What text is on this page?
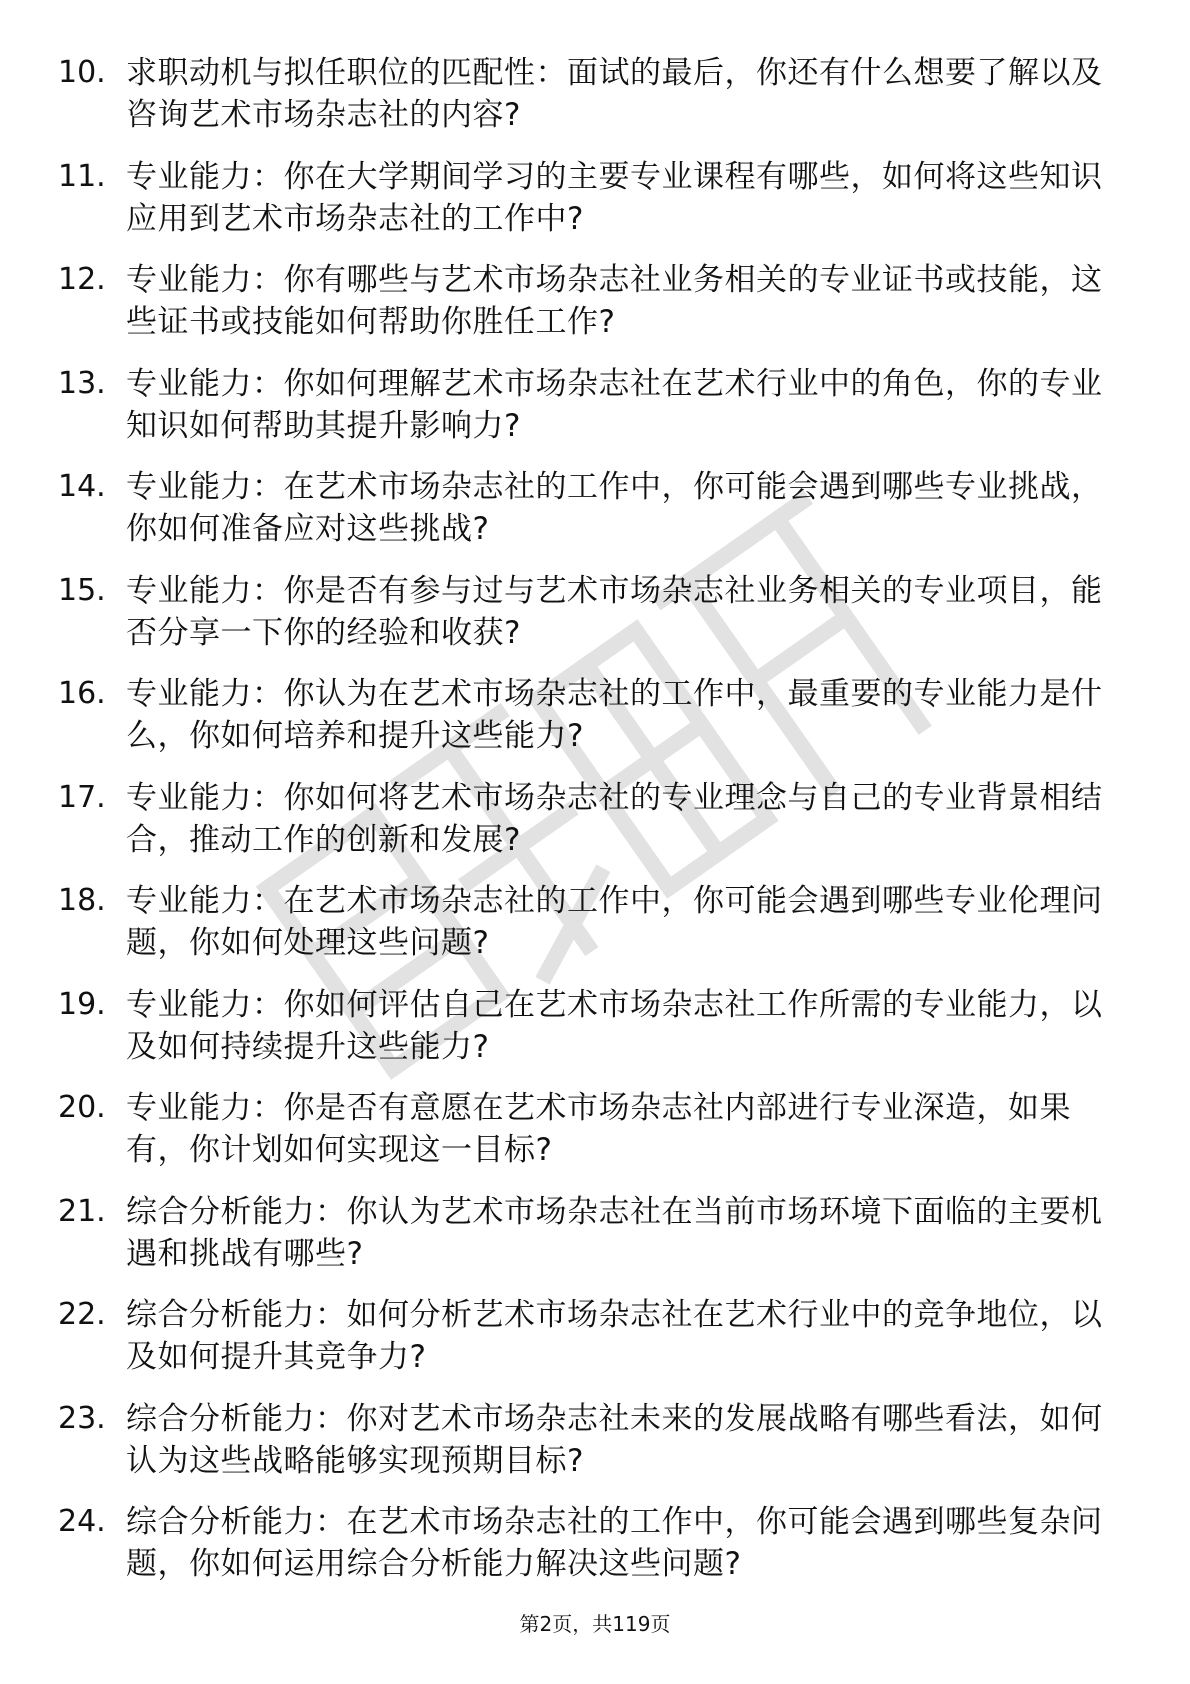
10. 求职动机与拟任职位的匹配性：面试的最后，你还有什么想要了解以及咨询艺术市场杂志社的内容?
11. 专业能力：你在大学期间学习的主要专业课程有哪些，如何将这些知识应用到艺术市场杂志社的工作中?
12. 专业能力：你有哪些与艺术市场杂志社业务相关的专业证书或技能，这些证书或技能如何帮助你胜任工作?
13. 专业能力：你如何理解艺术市场杂志社在艺术行业中的角色，你的专业知识如何帮助其提升影响力?
14. 专业能力：在艺术市场杂志社的工作中，你可能会遇到哪些专业挑战，你如何准备应对这些挑战?
15. 专业能力：你是否有参与过与艺术市场杂志社业务相关的专业项目，能否分享一下你的经验和收获?
16. 专业能力：你认为在艺术市场杂志社的工作中，最重要的专业能力是什么，你如何培养和提升这些能力?
17. 专业能力：你如何将艺术市场杂志社的专业理念与自己的专业背景相结合，推动工作的创新和发展?
18. 专业能力：在艺术市场杂志社的工作中，你可能会遇到哪些专业伦理问题，你如何处理这些问题?
19. 专业能力：你如何评估自己在艺术市场杂志社工作所需的专业能力，以及如何持续提升这些能力?
20. 专业能力：你是否有意愿在艺术市场杂志社内部进行专业深造，如果有，你计划如何实现这一目标?
21. 综合分析能力：你认为艺术市场杂志社在当前市场环境下面临的主要机遇和挑战有哪些?
22. 综合分析能力：如何分析艺术市场杂志社在艺术行业中的竞争地位，以及如何提升其竞争力?
23. 综合分析能力：你对艺术市场杂志社未来的发展战略有哪些看法，如何认为这些战略能够实现预期目标?
24. 综合分析能力：在艺术市场杂志社的工作中，你可能会遇到哪些复杂问题，你如何运用综合分析能力解决这些问题?
第2页，共119页
